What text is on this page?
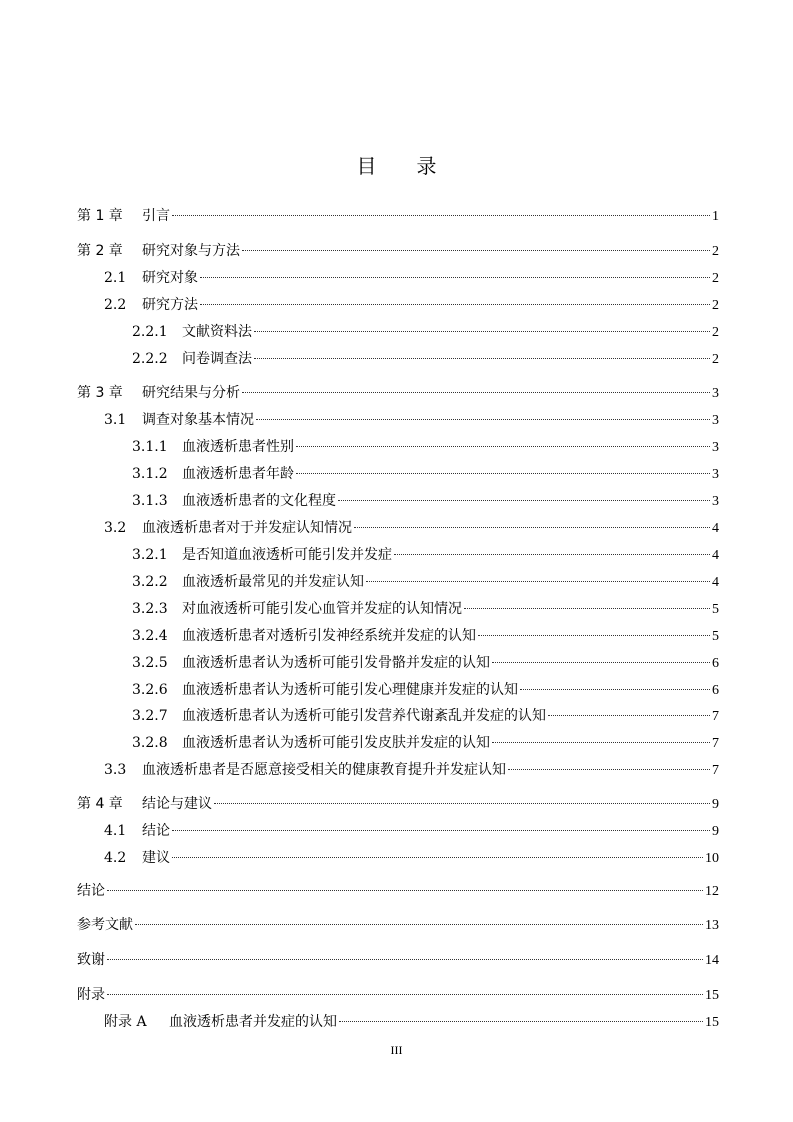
目 录
第 1 章	引言	1
第 2 章	研究对象与方法	2
2.1	研究对象	2
2.2	研究方法	2
2.2.1	文献资料法	2
2.2.2	问卷调查法	2
第 3 章	研究结果与分析	3
3.1	调查对象基本情况	3
3.1.1	血液透析患者性别	3
3.1.2	血液透析患者年龄	3
3.1.3	血液透析患者的文化程度	3
3.2	血液透析患者对于并发症认知情况	4
3.2.1	是否知道血液透析可能引发并发症	4
3.2.2	血液透析最常见的并发症认知	4
3.2.3	对血液透析可能引发心血管并发症的认知情况	5
3.2.4	血液透析患者对透析引发神经系统并发症的认知	5
3.2.5	血液透析患者认为透析可能引发骨骼并发症的认知	6
3.2.6	血液透析患者认为透析可能引发心理健康并发症的认知	6
3.2.7	血液透析患者认为透析可能引发营养代谢紊乱并发症的认知	7
3.2.8	血液透析患者认为透析可能引发皮肤并发症的认知	7
3.3	血液透析患者是否愿意接受相关的健康教育提升并发症认知	7
第 4 章	结论与建议	9
4.1	结论	9
4.2	建议	10
结论	12
参考文献	13
致谢	14
附录	15
附录 A	血液透析患者并发症的认知	15
III
